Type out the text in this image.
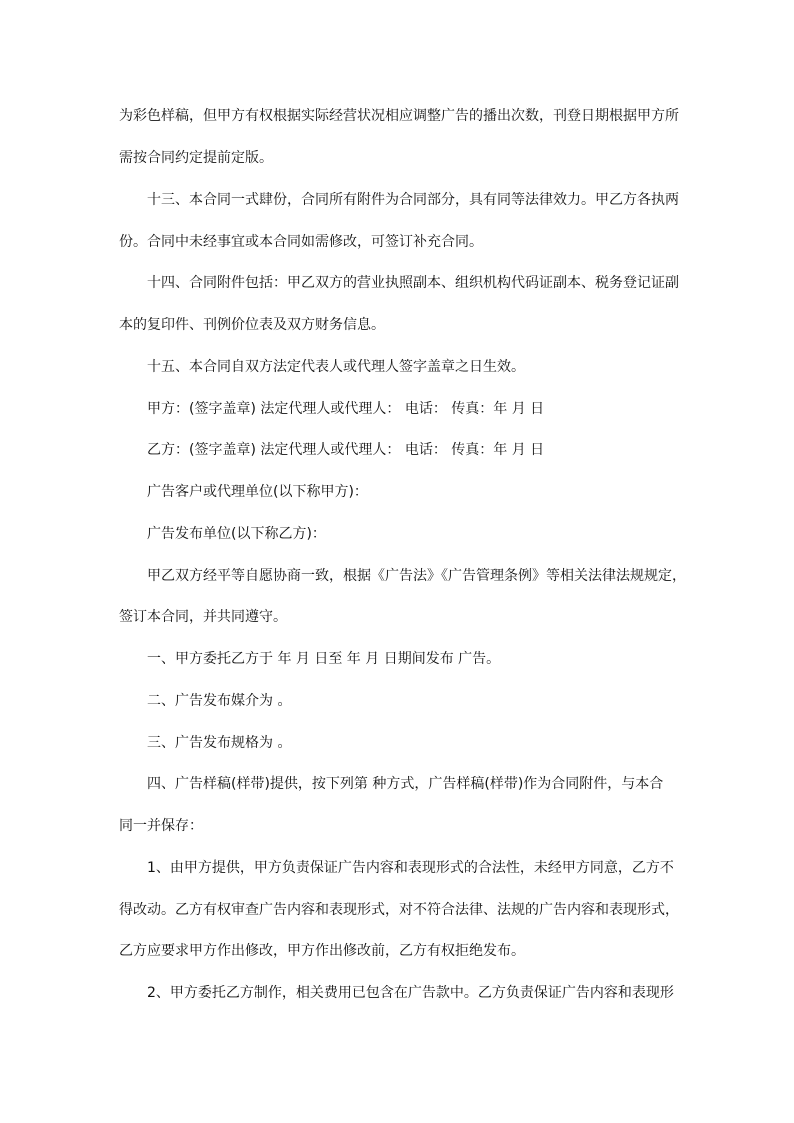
为彩色样稿，但甲方有权根据实际经营状况相应调整广告的播出次数，刊登日期根据甲方所
需按合同约定提前定版。
十三、本合同一式肆份，合同所有附件为合同部分，具有同等法律效力。甲乙方各执两
份。合同中未经事宜或本合同如需修改，可签订补充合同。
十四、合同附件包括：甲乙双方的营业执照副本、组织机构代码证副本、税务登记证副
本的复印件、刊例价位表及双方财务信息。
十五、本合同自双方法定代表人或代理人签字盖章之日生效。
甲方：(签字盖章) 法定代理人或代理人： 电话： 传真：年 月 日
乙方：(签字盖章) 法定代理人或代理人： 电话： 传真：年 月 日
广告客户或代理单位(以下称甲方)：
广告发布单位(以下称乙方)：
甲乙双方经平等自愿协商一致，根据《广告法》《广告管理条例》等相关法律法规规定，
签订本合同，并共同遵守。
一、甲方委托乙方于 年 月 日至 年 月 日期间发布 广告。
二、广告发布媒介为 。
三、广告发布规格为 。
四、广告样稿(样带)提供，按下列第 种方式，广告样稿(样带)作为合同附件，与本合
同一并保存：
1、由甲方提供，甲方负责保证广告内容和表现形式的合法性，未经甲方同意，乙方不
得改动。乙方有权审查广告内容和表现形式，对不符合法律、法规的广告内容和表现形式，
乙方应要求甲方作出修改，甲方作出修改前，乙方有权拒绝发布。
2、甲方委托乙方制作，相关费用已包含在广告款中。乙方负责保证广告内容和表现形
